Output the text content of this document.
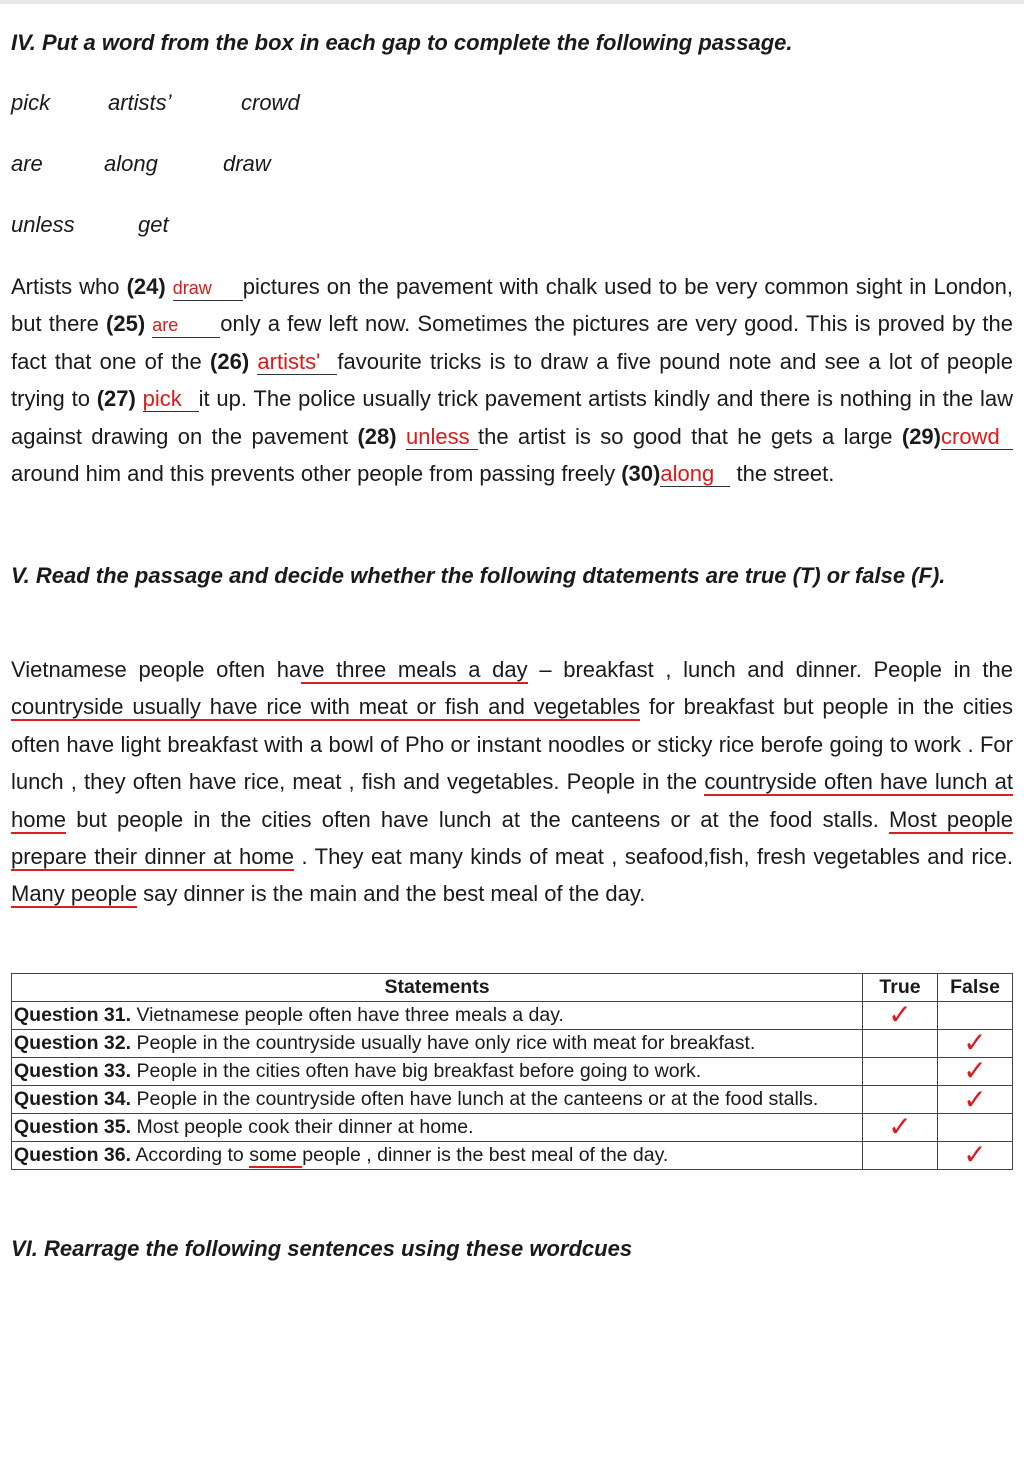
IV. Put a word from the box in each gap to complete the following passage.
pick	artists’	crowd
are	along	draw
unless	get

Artists who (24) draw pictures on the pavement with chalk used to be very common sight in London, but there (25) are only a few left now. Sometimes the pictures are very good. This is proved by the fact that one of the (26) artists' favourite tricks is to draw a five pound note and see a lot of people trying to (27) pick it up. The police usually trick pavement artists kindly and there is nothing in the law against drawing on the pavement (28) unless the artist is so good that he gets a large (29)crowdaround him and this prevents other people from passing freely (30)along the street.

V. Read the passage and decide whether the following dtatements are true (T) or false (F).

Vietnamese people often have three meals a day – breakfast , lunch and dinner. People in the countryside usually have rice with meat or fish and vegetables for breakfast but people in the cities often have light breakfast with a bowl of Pho or instant noodles or sticky rice berofe going to work . For lunch , they often have rice, meat , fish and vegetables. People in the countryside often have lunch at home but people in the cities often have lunch at the canteens or at the food stalls. Most people prepare their dinner at home . They eat many kinds of meat , seafood,fish, fresh vegetables and rice. Many people say dinner is the main and the best meal of the day.

Statements	True	False
Question 31. Vietnamese people often have three meals a day.	✓	

Question 32. People in the countryside usually have only rice with meat for breakfast.		✓

Question 33. People in the cities often have big breakfast before going to work.		✓

Question 34. People in the countryside often have lunch at the canteens or at the food stalls.		✓

Question 35. Most people cook their dinner at home.	✓	

Question 36. According to some people , dinner is the best meal of the day.		✓
VI. Rearrage the following sentences using these wordcues
